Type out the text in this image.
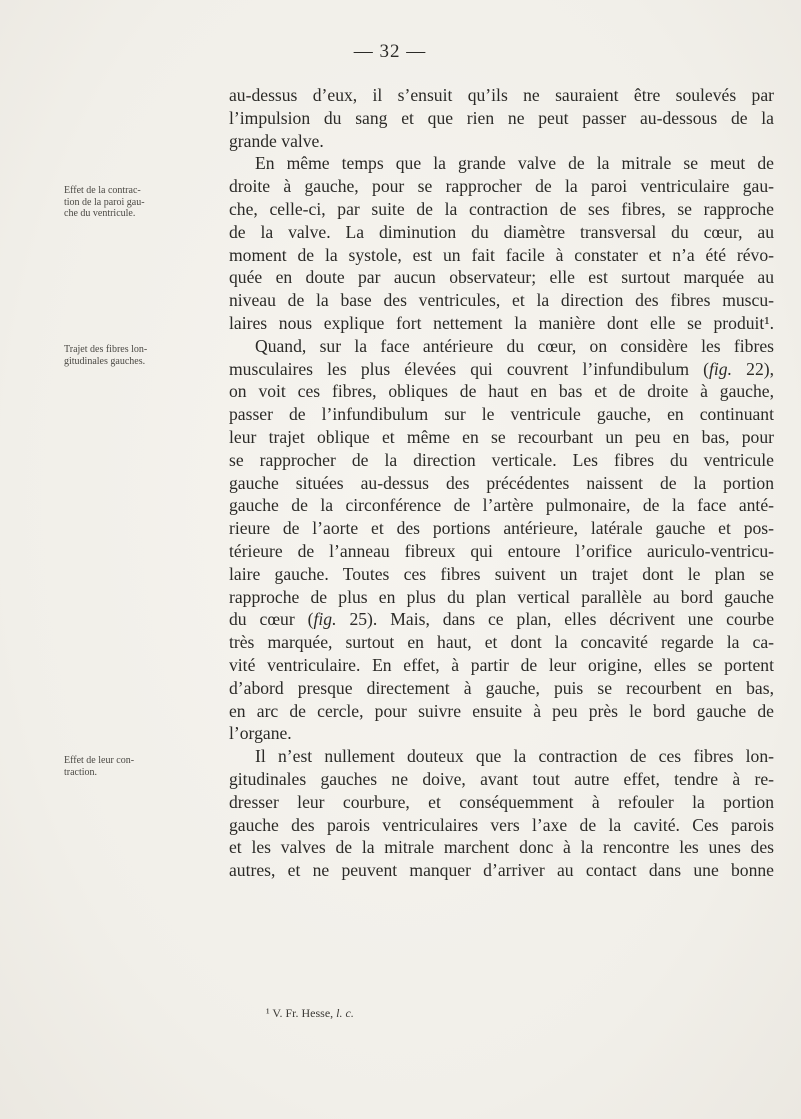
— 32 —
Effet de la contrac-
tion de la paroi gau-
che du ventricule.
Trajet des fibres lon-
gitudinales gauches.
Effet de leur con-
traction.
au-dessus d’eux, il s’ensuit qu’ils ne sauraient être soulevés par
l’impulsion du sang et que rien ne peut passer au-dessous de la
grande valve.
En même temps que la grande valve de la mitrale se meut de
droite à gauche, pour se rapprocher de la paroi ventriculaire gau-
che, celle-ci, par suite de la contraction de ses fibres, se rapproche
de la valve. La diminution du diamètre transversal du cœur, au
moment de la systole, est un fait facile à constater et n’a été révo-
quée en doute par aucun observateur; elle est surtout marquée au
niveau de la base des ventricules, et la direction des fibres muscu-
laires nous explique fort nettement la manière dont elle se produit¹.
Quand, sur la face antérieure du cœur, on considère les fibres
musculaires les plus élevées qui couvrent l’infundibulum (fig. 22),
on voit ces fibres, obliques de haut en bas et de droite à gauche,
passer de l’infundibulum sur le ventricule gauche, en continuant
leur trajet oblique et même en se recourbant un peu en bas, pour
se rapprocher de la direction verticale. Les fibres du ventricule
gauche situées au-dessus des précédentes naissent de la portion
gauche de la circonférence de l’artère pulmonaire, de la face anté-
rieure de l’aorte et des portions antérieure, latérale gauche et pos-
térieure de l’anneau fibreux qui entoure l’orifice auriculo-ventricu-
laire gauche. Toutes ces fibres suivent un trajet dont le plan se
rapproche de plus en plus du plan vertical parallèle au bord gauche
du cœur (fig. 25). Mais, dans ce plan, elles décrivent une courbe
très marquée, surtout en haut, et dont la concavité regarde la ca-
vité ventriculaire. En effet, à partir de leur origine, elles se portent
d’abord presque directement à gauche, puis se recourbent en bas,
en arc de cercle, pour suivre ensuite à peu près le bord gauche de
l’organe.
Il n’est nullement douteux que la contraction de ces fibres lon-
gitudinales gauches ne doive, avant tout autre effet, tendre à re-
dresser leur courbure, et conséquemment à refouler la portion
gauche des parois ventriculaires vers l’axe de la cavité. Ces parois
et les valves de la mitrale marchent donc à la rencontre les unes des
autres, et ne peuvent manquer d’arriver au contact dans une bonne
¹ V. Fr. Hesse, l. c.
